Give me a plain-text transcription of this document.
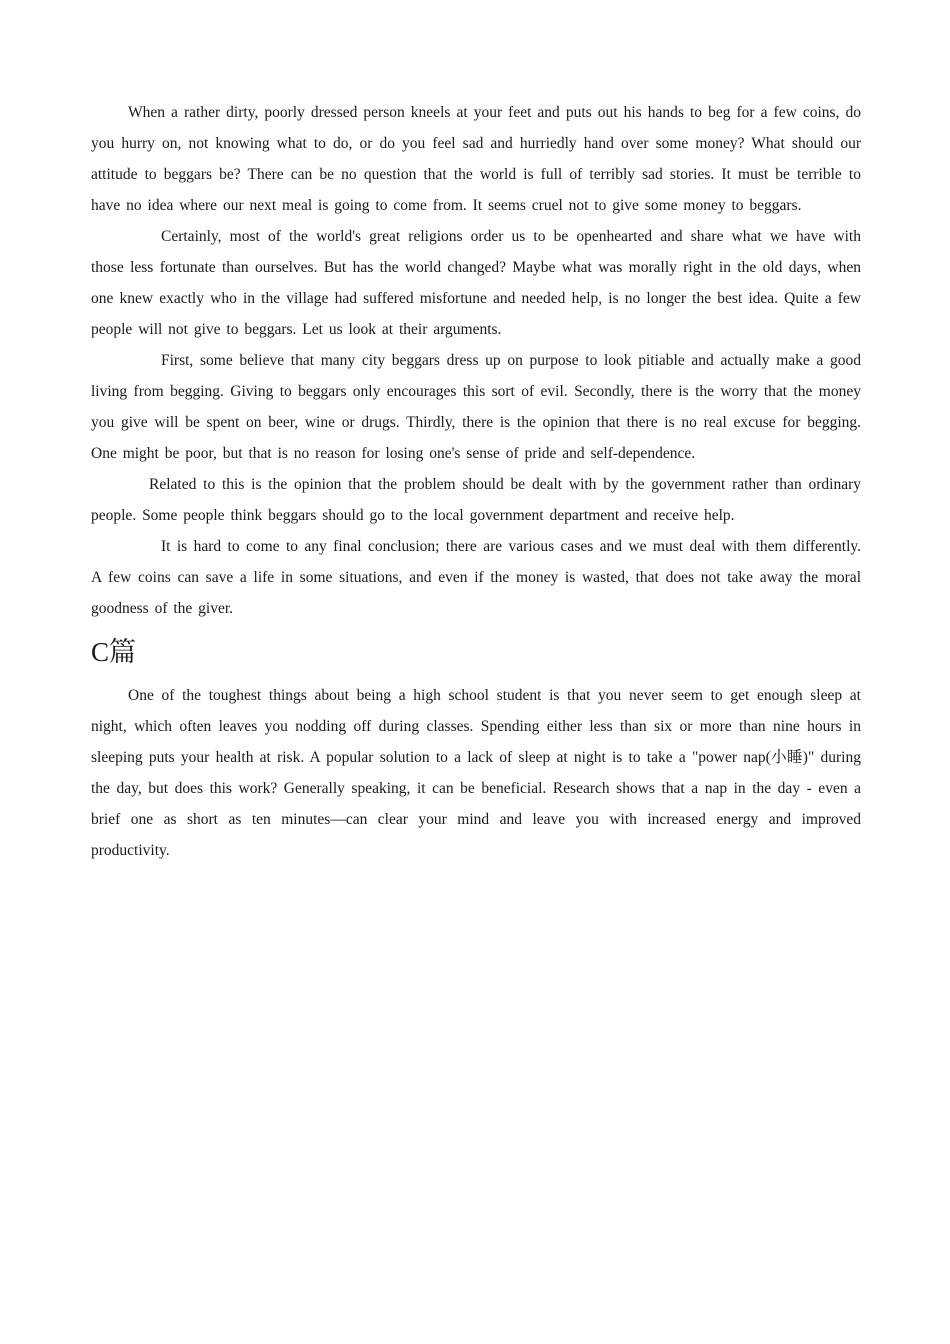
When a rather dirty, poorly dressed person kneels at your feet and puts out his hands to beg for a few coins, do you hurry on, not knowing what to do, or do you feel sad and hurriedly hand over some money? What should our attitude to beggars be? There can be no question that the world is full of terribly sad stories. It must be terrible to have no idea where our next meal is going to come from. It seems cruel not to give some money to beggars.

Certainly, most of the world's great religions order us to be openhearted and share what we have with those less fortunate than ourselves. But has the world changed? Maybe what was morally right in the old days, when one knew exactly who in the village had suffered misfortune and needed help, is no longer the best idea. Quite a few people will not give to beggars. Let us look at their arguments.

First, some believe that many city beggars dress up on purpose to look pitiable and actually make a good living from begging. Giving to beggars only encourages this sort of evil. Secondly, there is the worry that the money you give will be spent on beer, wine or drugs. Thirdly, there is the opinion that there is no real excuse for begging. One might be poor, but that is no reason for losing one's sense of pride and self-dependence.

Related to this is the opinion that the problem should be dealt with by the government rather than ordinary people. Some people think beggars should go to the local government department and receive help.

It is hard to come to any final conclusion; there are various cases and we must deal with them differently. A few coins can save a life in some situations, and even if the money is wasted, that does not take away the moral goodness of the giver.

C篇

One of the toughest things about being a high school student is that you never seem to get enough sleep at night, which often leaves you nodding off during classes. Spending either less than six or more than nine hours in sleeping puts your health at risk. A popular solution to a lack of sleep at night is to take a "power nap(小睡)" during the day, but does this work? Generally speaking, it can be beneficial. Research shows that a nap in the day - even a brief one as short as ten minutes—can clear your mind and leave you with increased energy and improved productivity.
